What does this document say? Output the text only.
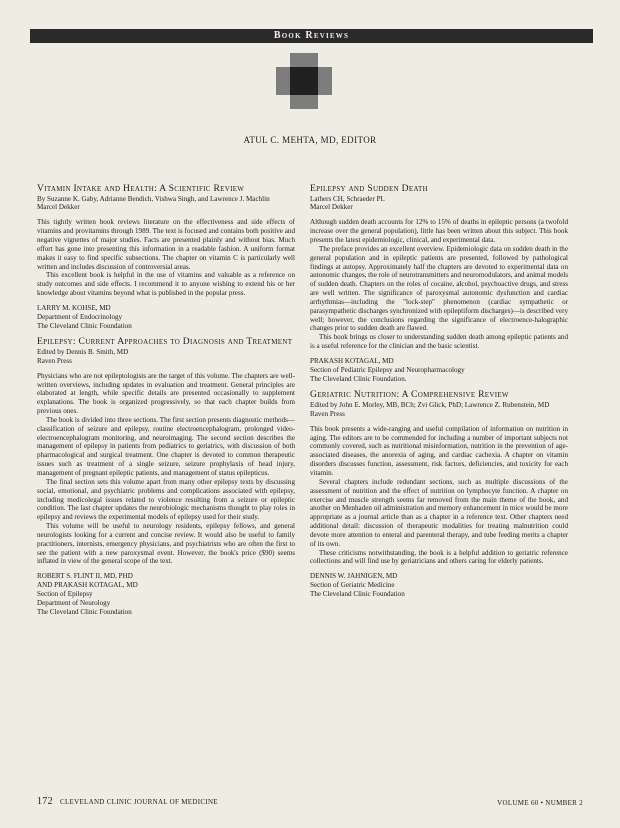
Book Reviews
ATUL C. MEHTA, MD, EDITOR
Vitamin Intake and Health: A Scientific Review
By Suzanne K. Gaby, Adrianne Bendich, Vishwa Singh, and Lawrence J. Machlin
Marcel Dekker

This tightly written book reviews literature on the effectiveness and side effects of vitamins and provitamins through 1989. The text is focused and contains both positive and negative vignettes of major studies. Facts are presented plainly and without bias. Much effort has gone into presenting this information in a readable fashion. A uniform format makes it easy to find specific subsections. The chapter on vitamin C is particularly well written and includes discussion of controversial areas.

This excellent book is helpful in the use of vitamins and valuable as a reference on study outcomes and side effects. I recommend it to anyone wishing to extend his or her knowledge about vitamins beyond what is published in the popular press.

LARRY M. KOHSE, MD
Department of Endocrinology
The Cleveland Clinic Foundation
Epilepsy: Current Approaches to Diagnosis and Treatment
Edited by Dennis B. Smith, MD
Raven Press

Physicians who are not epileptologists are the target of this volume. The chapters are well-written overviews, including updates in evaluation and treatment. General principles are elaborated at length, while specific details are presented occasionally to supplement explanations. The book is organized progressively, so that each chapter builds from previous ones.

The book is divided into three sections. The first section presents diagnostic methods—classification of seizure and epilepsy, routine electroencephalogram, prolonged video-electroencephalogram monitoring, and neuroimaging. The second section describes the management of epilepsy in patients from pediatrics to geriatrics, with discussion of both pharmacological and surgical treatment. One chapter is devoted to common therapeutic issues such as treatment of a single seizure, seizure prophylaxis of head injury, management of pregnant epileptic patients, and management of status epilepticus.

The final section sets this volume apart from many other epilepsy texts by discussing social, emotional, and psychiatric problems and complications associated with epilepsy, including medicolegal issues related to violence resulting from a seizure or epileptic condition. The last chapter updates the neurobiologic mechanisms thought to play roles in epilepsy and reviews the experimental models of epilepsy used for their study.

This volume will be useful to neurology residents, epilepsy fellows, and general neurologists looking for a current and concise review. It would also be useful to family practitioners, internists, emergency physicians, and psychiatrists who are often the first to see the patient with a new paroxysmal event. However, the book's price ($90) seems inflated in view of the general scope of the text.

ROBERT S. FLINT II, MD, PHD
AND PRAKASH KOTAGAL, MD
Section of Epilepsy
Department of Neurology
The Cleveland Clinic Foundation
Epilepsy and Sudden Death
Lathers CH, Schraeder PL
Marcel Dekker

Although sudden death accounts for 12% to 15% of deaths in epileptic persons (a twofold increase over the general population), little has been written about this subject. This book presents the latest epidemiologic, clinical, and experimental data.

The preface provides an excellent overview. Epidemiologic data on sudden death in the general population and in epileptic patients are presented, followed by pathological findings at autopsy. Approximately half the chapters are devoted to experimental data on autonomic changes, the role of neurotransmitters and neuromodulators, and animal models of sudden death. Chapters on the roles of cocaine, alcohol, psychoactive drugs, and stress are well written. The significance of paroxysmal autonomic dysfunction and cardiac arrhythmias—including the "lock-step" phenomenon (cardiac sympathetic or parasympathetic discharges synchronized with epileptiform discharges)—is described very well; however, the conclusions regarding the significance of electroence-halographic changes prior to sudden death are flawed.

This book brings us closer to understanding sudden death among epileptic patients and is a useful reference for the clinician and the basic scientist.

PRAKASH KOTAGAL, MD
Section of Pediatric Epilepsy and Neuropharmacology
The Cleveland Clinic Foundation.
Geriatric Nutrition: A Comprehensive Review
Edited by John E. Morley, MB, BCh; Zvi Glick, PhD; Lawrence Z. Rubenstein, MD
Raven Press

This book presents a wide-ranging and useful compilation of information on nutrition in aging. The editors are to be commended for including a number of important subjects not commonly covered, such as nutritional misinformation, nutrition in the prevention of age-associated diseases, the anorexia of aging, and cardiac cachexia. A chapter on vitamin disorders discusses function, assessment, risk factors, deficiencies, and toxicity for each vitamin.

Several chapters include redundant sections, such as multiple discussions of the assessment of nutrition and the effect of nutrition on lymphocyte function. A chapter on exercise and muscle strength seems far removed from the main theme of the book, and another on Menhaden oil administration and memory enhancement in mice would be more appropriate as a journal article than as a chapter in a reference text. Other chapters need additional detail: discussion of therapeutic modalities for treating malnutrition could devote more attention to enteral and parenteral therapy, and tube feeding merits a chapter of its own.

These criticisms notwithstanding, the book is a helpful addition to geriatric reference collections and will find use by geriatricians and others caring for elderly patients.

DENNIS W. JAHNIGEN, MD
Section of Geriatric Medicine
The Cleveland Clinic Foundation
172 CLEVELAND CLINIC JOURNAL OF MEDICINE	VOLUME 60 • NUMBER 2
